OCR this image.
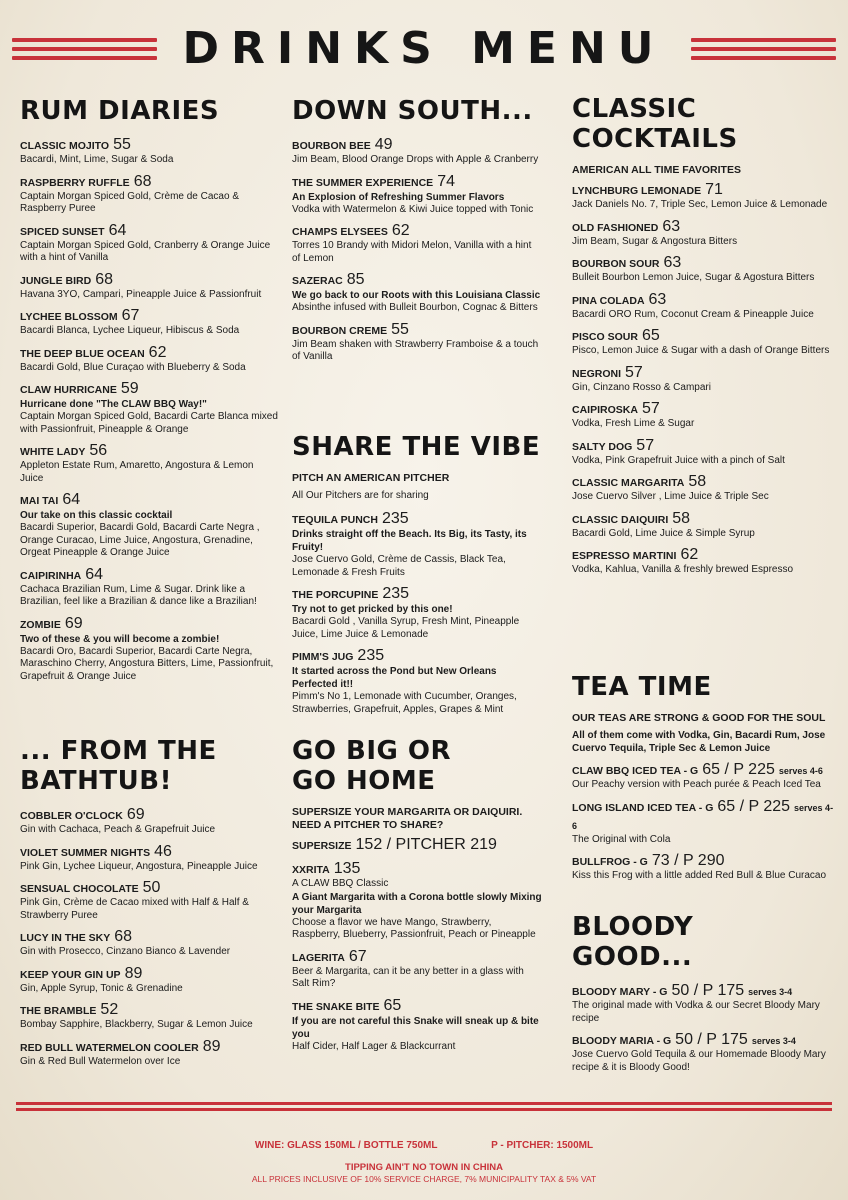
DRINKS MENU
RUM DIARIES
CLASSIC MOJITO 55
Bacardi, Mint, Lime, Sugar & Soda
RASPBERRY RUFFLE 68
Captain Morgan Spiced Gold, Crème de Cacao & Raspberry Puree
SPICED SUNSET 64
Captain Morgan Spiced Gold, Cranberry & Orange Juice with a hint of Vanilla
JUNGLE BIRD 68
Havana 3YO, Campari, Pineapple Juice & Passionfruit
LYCHEE BLOSSOM 67
Bacardi Blanca, Lychee Liqueur, Hibiscus & Soda
THE DEEP BLUE OCEAN 62
Bacardi Gold, Blue Curaçao with Blueberry & Soda
CLAW HURRICANE 59
Hurricane done "The CLAW BBQ Way!"
Captain Morgan Spiced Gold, Bacardi Carte Blanca mixed with Passionfruit, Pineapple & Orange
WHITE LADY 56
Appleton Estate Rum, Amaretto, Angostura & Lemon Juice
MAI TAI 64
Our take on this classic cocktail
Bacardi Superior, Bacardi Gold, Bacardi Carte Negra , Orange Curacao, Lime Juice, Angostura, Grenadine, Orgeat Pineapple & Orange Juice
CAIPIRINHA 64
Cachaca Brazilian Rum, Lime & Sugar. Drink like a Brazilian, feel like a Brazilian & dance like a Brazilian!
ZOMBIE 69
Two of these & you will become a zombie!
Bacardi Oro, Bacardi Superior, Bacardi Carte Negra, Maraschino Cherry, Angostura Bitters, Lime, Passionfruit, Grapefruit & Orange Juice
... FROM THE BATHTUB!
COBBLER O'CLOCK 69
Gin with Cachaca, Peach & Grapefruit Juice
VIOLET SUMMER NIGHTS 46
Pink Gin, Lychee Liqueur, Angostura, Pineapple Juice
SENSUAL CHOCOLATE 50
Pink Gin, Crème de Cacao mixed with Half & Half & Strawberry Puree
LUCY IN THE SKY 68
Gin with Prosecco, Cinzano Bianco & Lavender
KEEP YOUR GIN UP 89
Gin, Apple Syrup, Tonic & Grenadine
THE BRAMBLE 52
Bombay Sapphire, Blackberry, Sugar & Lemon Juice
RED BULL WATERMELON COOLER 89
Gin & Red Bull Watermelon over Ice
DOWN SOUTH...
BOURBON BEE 49
Jim Beam, Blood Orange Drops with Apple & Cranberry
THE SUMMER EXPERIENCE 74
An Explosion of Refreshing Summer Flavors
Vodka with Watermelon & Kiwi Juice topped with Tonic
CHAMPS ELYSEES 62
Torres 10 Brandy with Midori Melon, Vanilla with a hint of Lemon
SAZERAC 85
We go back to our Roots with this Louisiana Classic
Absinthe infused with Bulleit Bourbon, Cognac & Bitters
BOURBON CREME 55
Jim Beam shaken with Strawberry Framboise & a touch of Vanilla
SHARE THE VIBE
PITCH AN AMERICAN PITCHER
All Our Pitchers are for sharing
TEQUILA PUNCH 235
Drinks straight off the Beach. Its Big, its Tasty, its Fruity!
Jose Cuervo Gold, Crème de Cassis, Black Tea, Lemonade & Fresh Fruits
THE PORCUPINE 235
Try not to get pricked by this one!
Bacardi Gold , Vanilla Syrup, Fresh Mint, Pineapple Juice, Lime Juice & Lemonade
PIMM'S JUG 235
It started across the Pond but New Orleans Perfected it!!
Pimm's No 1, Lemonade with Cucumber, Oranges, Strawberries, Grapefruit, Apples, Grapes & Mint
GO BIG OR GO HOME
SUPERSIZE YOUR MARGARITA OR DAIQUIRI. NEED A PITCHER TO SHARE?
SUPERSIZE 152 / PITCHER 219
XXRITA 135
A CLAW BBQ Classic
A Giant Margarita with a Corona bottle slowly Mixing your Margarita
Choose a flavor we have Mango, Strawberry, Raspberry, Blueberry, Passionfruit, Peach or Pineapple
LAGERITA 67
Beer & Margarita, can it be any better in a glass with Salt Rim?
THE SNAKE BITE 65
If you are not careful this Snake will sneak up & bite you
Half Cider, Half Lager & Blackcurrant
CLASSIC COCKTAILS
AMERICAN ALL TIME FAVORITES
LYNCHBURG LEMONADE 71
Jack Daniels No. 7, Triple Sec, Lemon Juice & Lemonade
OLD FASHIONED 63
Jim Beam, Sugar & Angostura Bitters
BOURBON SOUR 63
Bulleit Bourbon Lemon Juice, Sugar & Agostura Bitters
PINA COLADA 63
Bacardi ORO Rum, Coconut Cream & Pineapple Juice
PISCO SOUR 65
Pisco, Lemon Juice & Sugar with a dash of Orange Bitters
NEGRONI 57
Gin, Cinzano Rosso & Campari
CAIPIROSKA 57
Vodka, Fresh Lime & Sugar
SALTY DOG 57
Vodka, Pink Grapefruit Juice with a pinch of Salt
CLASSIC MARGARITA 58
Jose Cuervo Silver , Lime Juice & Triple Sec
CLASSIC DAIQUIRI 58
Bacardi Gold, Lime Juice & Simple Syrup
ESPRESSO MARTINI 62
Vodka, Kahlua, Vanilla & freshly brewed Espresso
TEA TIME
OUR TEAS ARE STRONG & GOOD FOR THE SOUL
All of them come with Vodka, Gin, Bacardi Rum, Jose Cuervo Tequila, Triple Sec & Lemon Juice
CLAW BBQ ICED TEA - G 65 / P 225 serves 4-6
Our Peachy version with Peach purée & Peach Iced Tea
LONG ISLAND ICED TEA - G 65 / P 225 serves 4-6
The Original with Cola
BULLFROG - G 73 / P 290
Kiss this Frog with a little added Red Bull & Blue Curacao
BLOODY GOOD...
BLOODY MARY - G 50 / P 175 serves 3-4
The original made with Vodka & our Secret Bloody Mary recipe
BLOODY MARIA - G 50 / P 175 serves 3-4
Jose Cuervo Gold Tequila & our Homemade Bloody Mary recipe & it is Bloody Good!
WINE: GLASS 150ML / BOTTLE 750ML	P - PITCHER: 1500ML
TIPPING AIN'T NO TOWN IN CHINA
ALL PRICES INCLUSIVE OF 10% SERVICE CHARGE, 7% MUNICIPALITY TAX & 5% VAT
